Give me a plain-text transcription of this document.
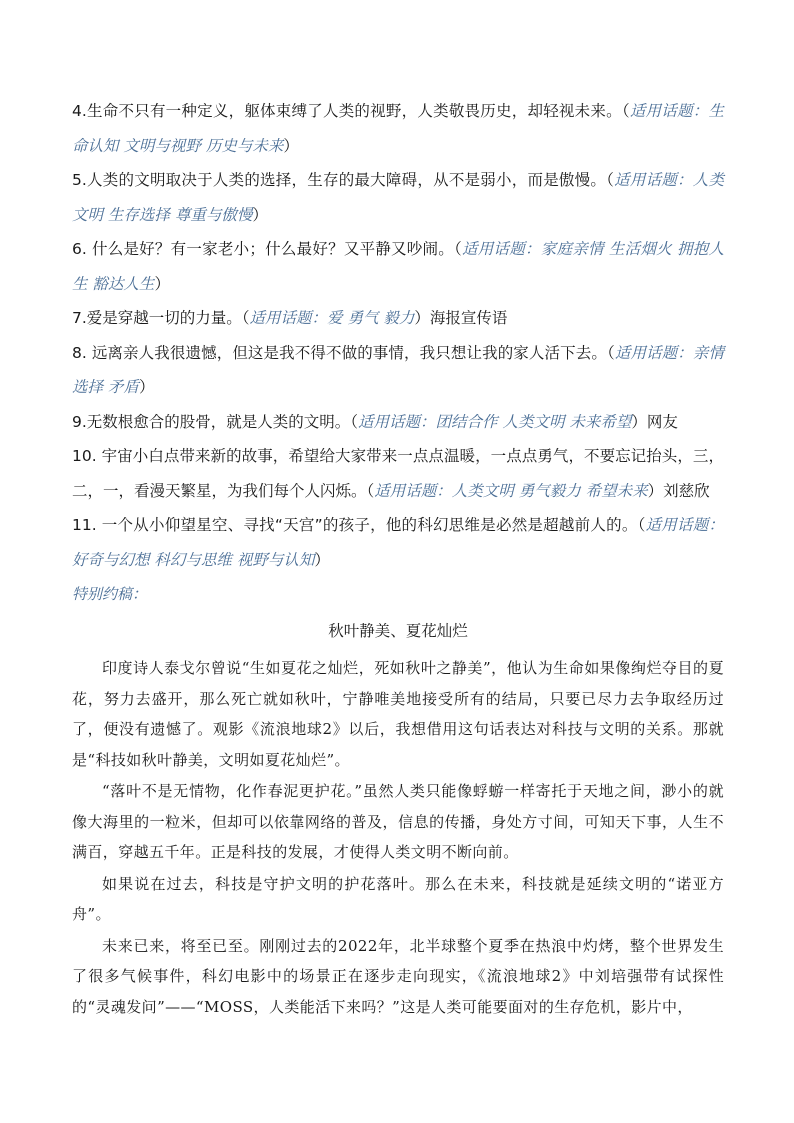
4.生命不只有一种定义，躯体束缚了人类的视野，人类敬畏历史，却轻视未来。（适用话题：生命认知 文明与视野 历史与未来）

5.人类的文明取决于人类的选择，生存的最大障碍，从不是弱小，而是傲慢。（适用话题：人类文明 生存选择 尊重与傲慢）

6. 什么是好？有一家老小；什么最好？又平静又吵闹。（适用话题：家庭亲情 生活烟火 拥抱人生 豁达人生）

7.爱是穿越一切的力量。（适用话题：爱 勇气 毅力）海报宣传语

8. 远离亲人我很遗憾，但这是我不得不做的事情，我只想让我的家人活下去。（适用话题：亲情 选择 矛盾）

9.无数根愈合的股骨，就是人类的文明。（适用话题：团结合作 人类文明 未来希望）网友

10. 宇宙小白点带来新的故事，希望给大家带来一点点温暖，一点点勇气，不要忘记抬头，三，二，一，看漫天繁星，为我们每个人闪烁。（适用话题：人类文明 勇气毅力 希望未来）刘慈欣

11. 一个从小仰望星空、寻找“天宫”的孩子，他的科幻思维是必然是超越前人的。（适用话题：好奇与幻想 科幻与思维 视野与认知）

特别约稿：

秋叶静美、夏花灿烂

印度诗人泰戈尔曾说“生如夏花之灿烂，死如秋叶之静美”，他认为生命如果像绚烂夺目的夏花，努力去盛开，那么死亡就如秋叶，宁静唯美地接受所有的结局，只要已尽力去争取经历过了，便没有遗憾了。观影《流浪地球2》以后，我想借用这句话表达对科技与文明的关系。那就是“科技如秋叶静美，文明如夏花灿烂”。

“落叶不是无情物，化作春泥更护花。”虽然人类只能像蜉蝣一样寄托于天地之间，渺小的就像大海里的一粒米，但却可以依靠网络的普及，信息的传播，身处方寸间，可知天下事，人生不满百，穿越五千年。正是科技的发展，才使得人类文明不断向前。

如果说在过去，科技是守护文明的护花落叶。那么在未来，科技就是延续文明的“诺亚方舟”。

未来已来，将至已至。刚刚过去的2022年，北半球整个夏季在热浪中灼烤，整个世界发生了很多气候事件，科幻电影中的场景正在逐步走向现实，《流浪地球2》中刘培强带有试探性的“灵魂发问”——“MOSS，人类能活下来吗？”这是人类可能要面对的生存危机，影片中，
